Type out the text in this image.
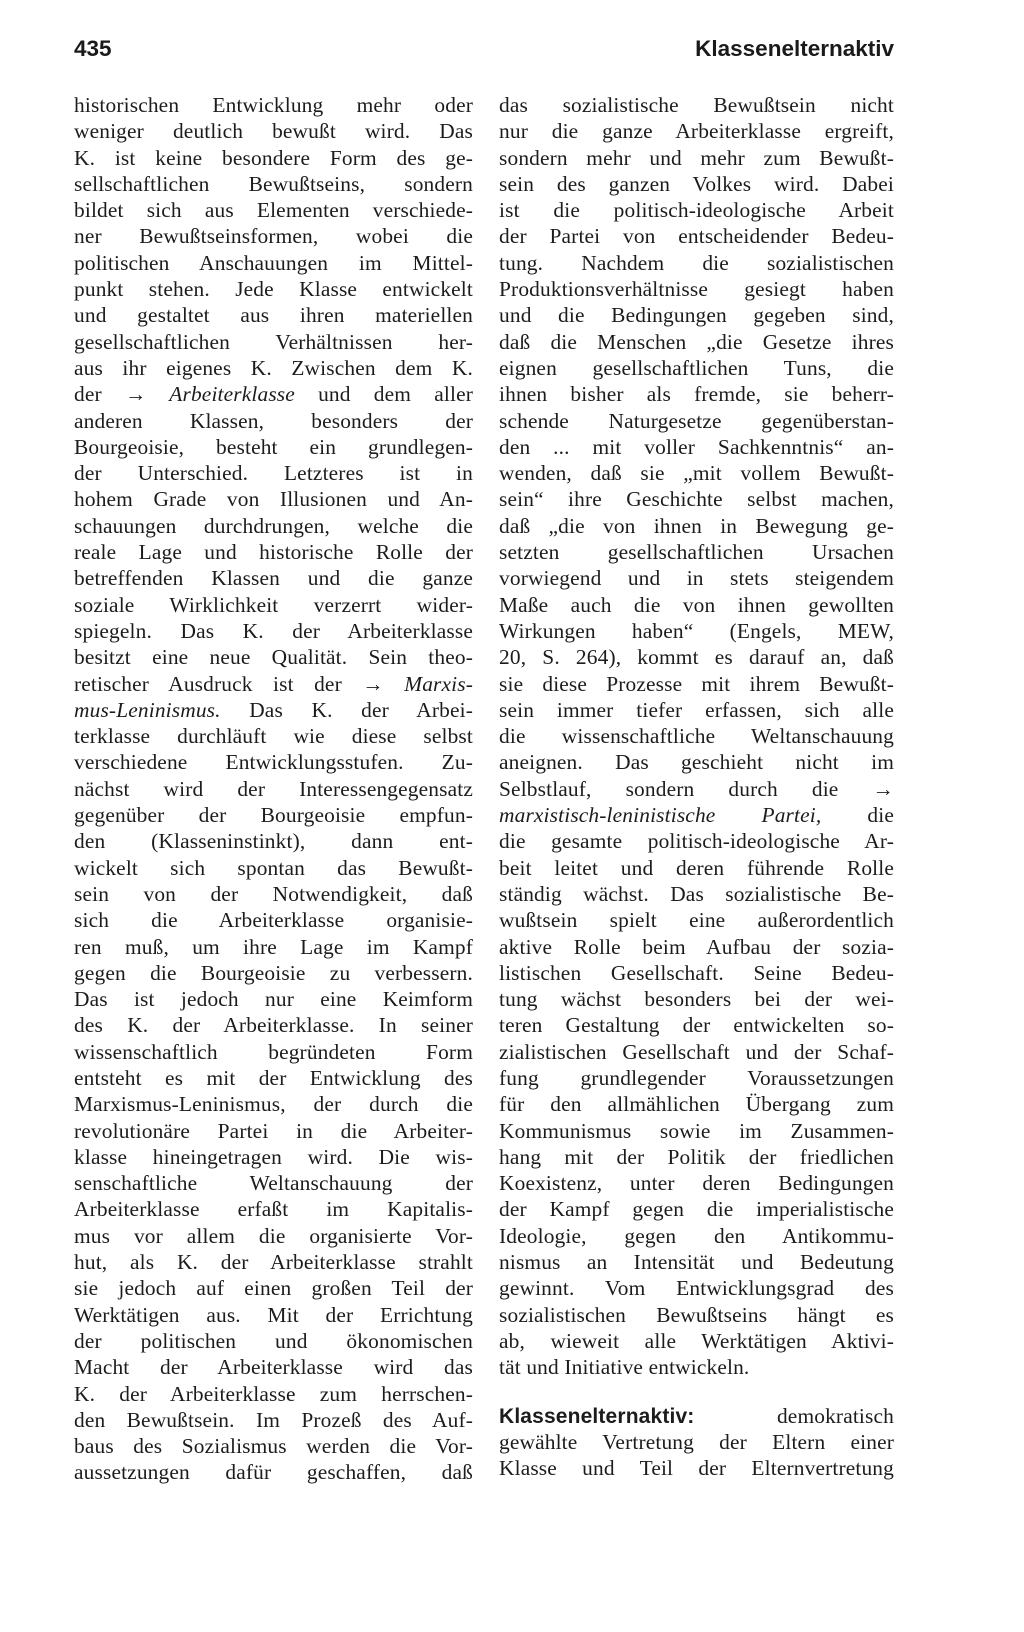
435	Klassenelternaktiv
historischen Entwicklung mehr oder
weniger deutlich bewußt wird. Das
K. ist keine besondere Form des ge-
sellschaftlichen Bewußtseins, sondern
bildet sich aus Elementen verschiede-
ner Bewußtseinsformen, wobei die
politischen Anschauungen im Mittel-
punkt stehen. Jede Klasse entwickelt
und gestaltet aus ihren materiellen
gesellschaftlichen Verhältnissen her-
aus ihr eigenes K. Zwischen dem K.
der → Arbeiterklasse und dem aller
anderen Klassen, besonders der
Bourgeoisie, besteht ein grundlegen-
der Unterschied. Letzteres ist in
hohem Grade von Illusionen und An-
schauungen durchdrungen, welche die
reale Lage und historische Rolle der
betreffenden Klassen und die ganze
soziale Wirklichkeit verzerrt wider-
spiegeln. Das K. der Arbeiterklasse
besitzt eine neue Qualität. Sein theo-
retischer Ausdruck ist der → Marxis-
mus-Leninismus. Das K. der Arbei-
terklasse durchläuft wie diese selbst
verschiedene Entwicklungsstufen. Zu-
nächst wird der Interessengegensatz
gegenüber der Bourgeoisie empfun-
den (Klasseninstinkt), dann ent-
wickelt sich spontan das Bewußt-
sein von der Notwendigkeit, daß
sich die Arbeiterklasse organisie-
ren muß, um ihre Lage im Kampf
gegen die Bourgeoisie zu verbessern.
Das ist jedoch nur eine Keimform
des K. der Arbeiterklasse. In seiner
wissenschaftlich begründeten Form
entsteht es mit der Entwicklung des
Marxismus-Leninismus, der durch die
revolutionäre Partei in die Arbeiter-
klasse hineingetragen wird. Die wis-
senschaftliche Weltanschauung der
Arbeiterklasse erfaßt im Kapitalis-
mus vor allem die organisierte Vor-
hut, als K. der Arbeiterklasse strahlt
sie jedoch auf einen großen Teil der
Werktätigen aus. Mit der Errichtung
der politischen und ökonomischen
Macht der Arbeiterklasse wird das
K. der Arbeiterklasse zum herrschen-
den Bewußtsein. Im Prozeß des Auf-
baus des Sozialismus werden die Vor-
aussetzungen dafür geschaffen, daß
das sozialistische Bewußtsein nicht
nur die ganze Arbeiterklasse ergreift,
sondern mehr und mehr zum Bewußt-
sein des ganzen Volkes wird. Dabei
ist die politisch-ideologische Arbeit
der Partei von entscheidender Bedeu-
tung. Nachdem die sozialistischen
Produktionsverhältnisse gesiegt haben
und die Bedingungen gegeben sind,
daß die Menschen „die Gesetze ihres
eignen gesellschaftlichen Tuns, die
ihnen bisher als fremde, sie beherr-
schende Naturgesetze gegenüberstan-
den ... mit voller Sachkenntnis“ an-
wenden, daß sie „mit vollem Bewußt-
sein“ ihre Geschichte selbst machen,
daß „die von ihnen in Bewegung ge-
setzten gesellschaftlichen Ursachen
vorwiegend und in stets steigendem
Maße auch die von ihnen gewollten
Wirkungen haben“ (Engels, MEW,
20, S. 264), kommt es darauf an, daß
sie diese Prozesse mit ihrem Bewußt-
sein immer tiefer erfassen, sich alle
die wissenschaftliche Weltanschauung
aneignen. Das geschieht nicht im
Selbstlauf, sondern durch die →
marxistisch-leninistische Partei, die
die gesamte politisch-ideologische Ar-
beit leitet und deren führende Rolle
ständig wächst. Das sozialistische Be-
wußtsein spielt eine außerordentlich
aktive Rolle beim Aufbau der sozia-
listischen Gesellschaft. Seine Bedeu-
tung wächst besonders bei der wei-
teren Gestaltung der entwickelten so-
zialistischen Gesellschaft und der Schaf-
fung grundlegender Voraussetzungen
für den allmählichen Übergang zum
Kommunismus sowie im Zusammen-
hang mit der Politik der friedlichen
Koexistenz, unter deren Bedingungen
der Kampf gegen die imperialistische
Ideologie, gegen den Antikommu-
nismus an Intensität und Bedeutung
gewinnt. Vom Entwicklungsgrad des
sozialistischen Bewußtseins hängt es
ab, wieweit alle Werktätigen Aktivi-
tät und Initiative entwickeln.
Klassenelternaktiv: demokratisch
gewählte Vertretung der Eltern einer
Klasse und Teil der Elternvertretung
